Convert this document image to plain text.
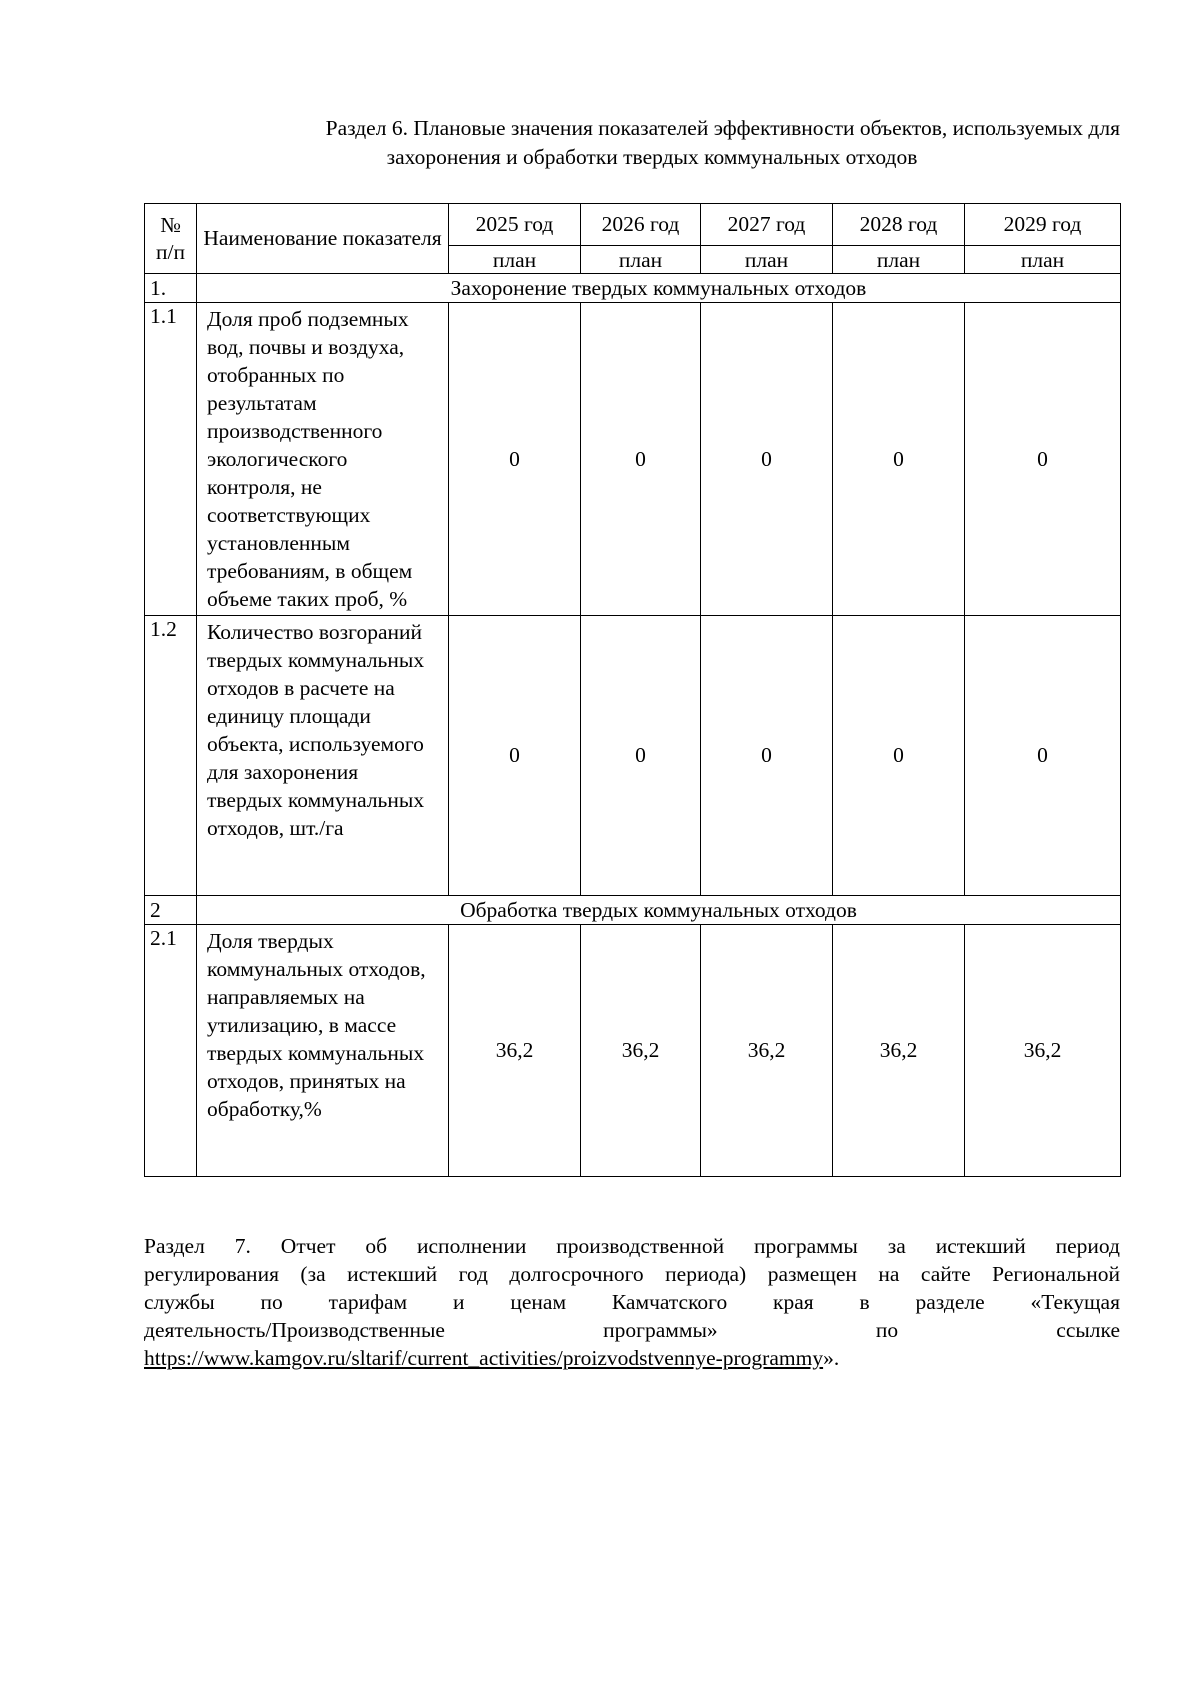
Раздел 6. Плановые значения показателей эффективности объектов, используемых для
захоронения и обработки твердых коммунальных отходов
№ п/п	Наименование показателя	2025 год	2026 год	2027 год	2028 год	2029 год
		план	план	план	план	план
1.	Захоронение твердых коммунальных отходов					
1.1	Доля проб подземных вод, почвы и воздуха, отобранных по результатам производственного экологического контроля, не соответствующих установленным требованиям, в общем объеме таких проб, %	0	0	0	0	0
1.2	Количество возгораний твердых коммунальных отходов в расчете на единицу площади объекта, используемого для захоронения твердых коммунальных отходов, шт./га	0	0	0	0	0
2	Обработка твердых коммунальных отходов					
2.1	Доля твердых коммунальных отходов, направляемых на утилизацию, в массе твердых коммунальных отходов, принятых на обработку,%	36,2	36,2	36,2	36,2	36,2
Раздел 7. Отчет об исполнении производственной программы за истекший период
регулирования (за истекший год долгосрочного периода) размещен на сайте Региональной
службы по тарифам и ценам Камчатского края в разделе «Текущая
деятельность/Производственные	программы»	по	ссылке
https://www.kamgov.ru/sltarif/current_activities/proizvodstvennye-programmy».
